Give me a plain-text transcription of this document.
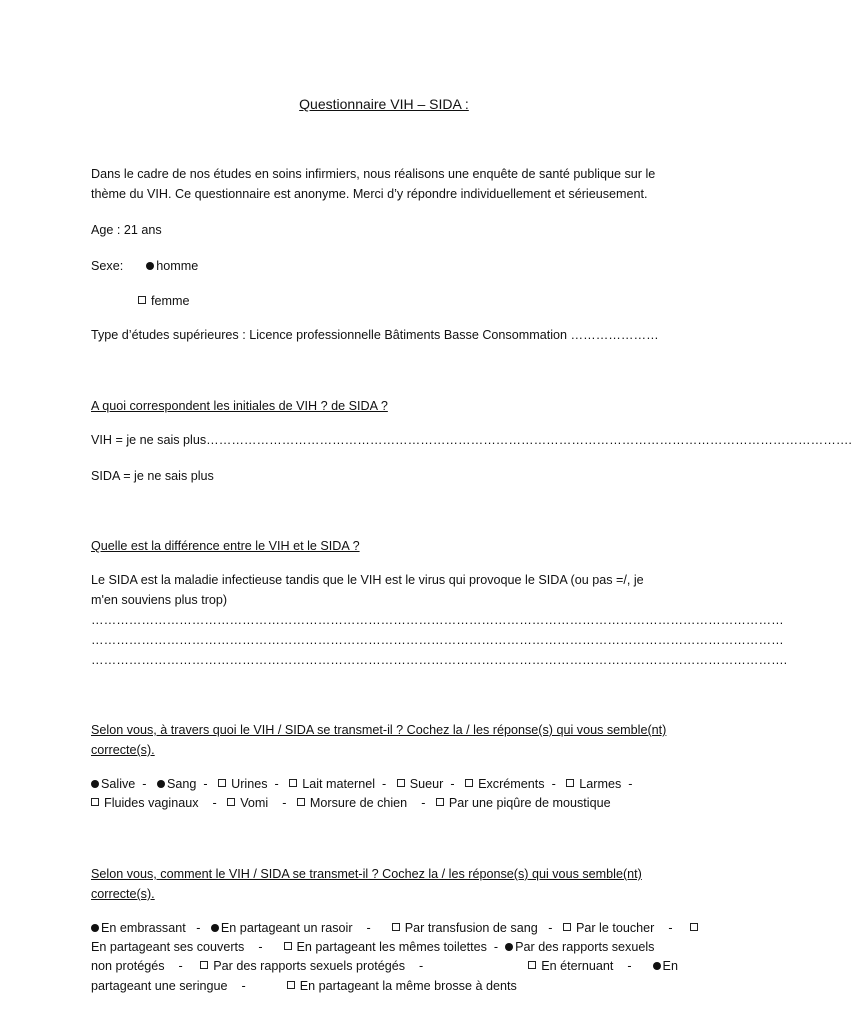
Questionnaire VIH – SIDA :
Dans le cadre de nos études en soins infirmiers, nous réalisons une enquête de santé publique sur le
thème du VIH. Ce questionnaire est anonyme. Merci d’y répondre individuellement et sérieusement.
Age : 21 ans
Sexe:	homme
femme
Type d’études supérieures : Licence professionnelle Bâtiments Basse Consommation …………………
A quoi correspondent les initiales de VIH ? de SIDA ?
VIH = je ne sais plus……………………………………………………………………………………………………………………………………….
SIDA = je ne sais plus
Quelle est la différence entre le VIH et le SIDA ?
Le SIDA est la maladie infectieuse tandis que le VIH est le virus qui provoque le SIDA (ou pas =/, je
m'en souviens plus trop)
…………………………………………………………………………………………………………………………………………………
…………………………………………………………………………………………………………………………………………………
………………………………………………………………………………………………………………………………………………….
Selon vous, à travers quoi le VIH / SIDA se transmet-il ? Cochez la / les réponse(s) qui vous semble(nt)
correcte(s).
Salive  -   Sang  -   Urines  -   Lait maternel  -   Sueur  -   Excréments  -   Larmes  -
Fluides vaginaux    -   Vomi    -   Morsure de chien    -   Par une piqûre de moustique
Selon vous, comment le VIH / SIDA se transmet-il ? Cochez la / les réponse(s) qui vous semble(nt)
correcte(s).
En embrassant   -   En partageant un rasoir    -      Par transfusion de sang   -   Par le toucher    -
En partageant ses couverts    -      En partageant les mêmes toilettes  -  Par des rapports sexuels
non protégés    -     Par des rapports sexuels protégés    -	En éternuant    -      En
partageant une seringue    -	En partageant la même brosse à dents
